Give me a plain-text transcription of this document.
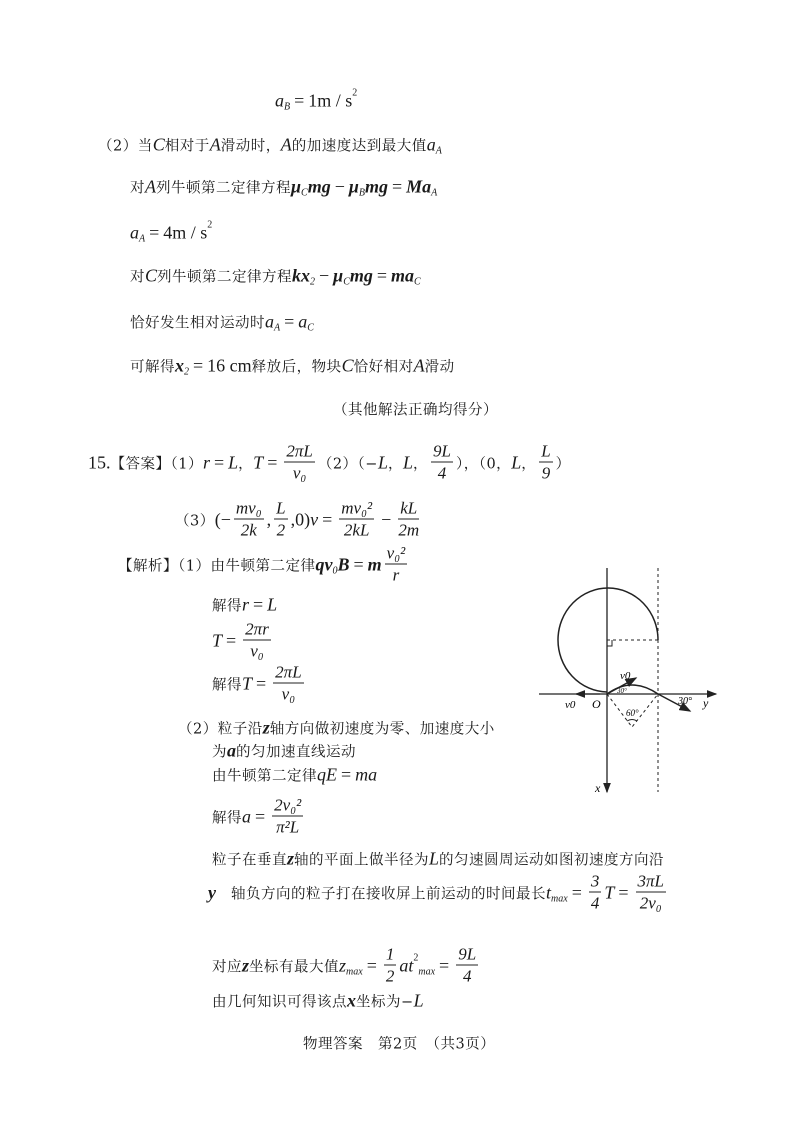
a B = 1m / s 2
（2）当 C 相对于 A 滑动时， A 的加速度达到最大值 a A
对 A 列牛顿第二定律方程 μ C mg − μ B mg = Ma A
a A = 4m / s 2
对 C 列牛顿第二定律方程 kx 2 − μ C mg = ma C
恰好发生相对运动时 a A = a C
可解得 x 2 = 16 cm 释放后，物块 C 恰好相对 A 滑动
（其他解法正确均得分）
15. 【答案】（1） r = L ， $T = \frac{2\pi L}{\text{v₀}} (2)(- L$ ， L ， $\frac{9L}{4}$ ），（0， L ， $\frac{L}{9}$ ）
（3） (− $\frac{\text{mv₀}}{2k}$ , $\frac{L}{2} ,0$) $v = \frac{\text{mv₀²}}{2kL} - \frac{kL}{2m}$
【解析】（1）由牛顿第二定律 qv 0 B = m $\frac{\text{v₀²}}{r}$
解得 r = L
$T = \frac{2\pi r}{\text{v₀}}$
解得 $T = \frac{2\pi L}{\text{v₀}}$
（2）粒子沿 z 轴方向做初速度为零、加速度大小
为 a 的匀加速直线运动
由牛顿第二定律 qE = ma
解得 $a = \frac{\text{2v₀²}}{\text{π²L}}$
粒子在垂直 z 轴的平面上做半径为 L 的匀速圆周运动如图初速度方向沿
y 　轴负方向的粒子打在接收屏上前运动的时间最长 t $\max = \frac{3}{4}$ $T = \frac{3\pi L}{\text{2v₀}}$
对应 z 坐标有最大值 z $\max = \frac{1}{2}$ at 2
$\max = \frac{9L}{4}$
由几何知识可得该点 x 坐标为− L
物理答案　第2页　（共3页）
v0
v0 O
30°
30°
60°
y
x
